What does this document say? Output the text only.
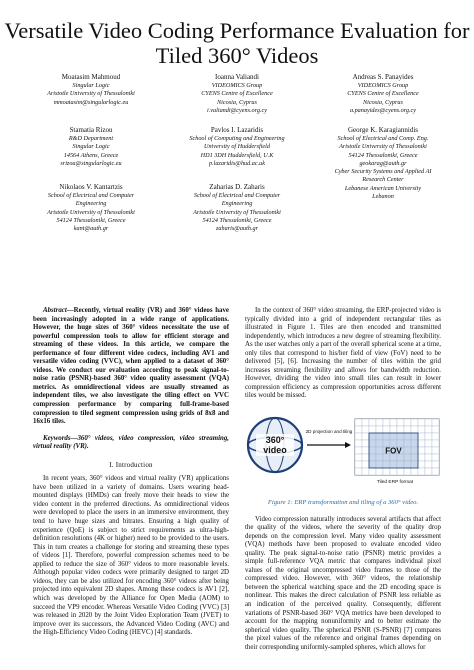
Versatile Video Coding Performance Evaluation for
Tiled 360° Videos
Moatasim Mahmoud
Singular Logic
Aristotle University of Thessaloniki
mmoatasim@singularlogic.eu
Ioanna Valiandi
VIDEOMICS Group
CYENS Centre of Excellence
Nicosia, Cyprus
i.valiandi@cyens.org.cy
Andreas S. Panayides
VIDEOMICS Group
CYENS Centre of Excellence
Nicosia, Cyprus
a.panayides@cyens.org.cy
Stamatia Rizou
R&D Department
Singular Logic
14564 Athens, Greece
srizou@singularlogic.eu
Pavlos I. Lazaridis
School of Computing and Engineering
University of Huddersfield
HD1 3DH Huddersfield, U.K
p.lazaridis@hud.ac.uk
George K. Karagiannidis
School of Electrical and Comp. Eng.
Aristotle University of Thessaloniki
54124 Thessaloniki, Greece
geokarag@auth.gr
Cyber Security Systems and Applied AI
Research Center
Lebanese American University
Lebanon
Nikolaos V. Kantartzis
School of Electrical and Computer
Engineering
Aristotle University of Thessaloniki
54124 Thessaloniki, Greece
kant@auth.gr
Zaharias D. Zaharis
School of Electrical and Computer
Engineering
Aristotle University of Thessaloniki
54124 Thessaloniki, Greece
zaharis@auth.gr

Abstract—Recently, virtual reality (VR) and 360° videos have been increasingly adopted in a wide range of applications. However, the huge sizes of 360° videos necessitate the use of powerful compression tools to allow for efficient storage and streaming of these videos. In this article, we compare the performance of four different video codecs, including AV1 and versatile video coding (VVC), when applied to a dataset of 360° videos. We conduct our evaluation according to peak signal-to-noise ratio (PSNR)-based 360° video quality assessment (VQA) metrics. As omnidirectional videos are usually streamed as independent tiles, we also investigate the tiling effect on VVC compression performance by comparing full-frame-based compression to tiled segment compression using grids of 8x8 and 16x16 tiles.

Keywords—360° videos, video compression, video streaming, virtual reality (VR).

I. Introduction

In recent years, 360° videos and virtual reality (VR) applications have been utilized in a variety of domains. Users wearing head-mounted displays (HMDs) can freely move their heads to view the video content in the preferred directions. As omnidirectional videos were developed to place the users in an immersive environment, they tend to have huge sizes and bitrates. Ensuring a high quality of experience (QoE) is subject to strict requirements as ultra-high-definition resolutions (4K or higher) need to be provided to the users. This in turn creates a challenge for storing and streaming these types of videos [1]. Therefore, powerful compression schemes need to be applied to reduce the size of 360° videos to more reasonable levels. Although popular video codecs were primarily designed to target 2D videos, they can be also utilized for encoding 360° videos after being projected into equivalent 2D shapes. Among these codecs is AV1 [2], which was developed by the Alliance for Open Media (AOM) to succeed the VP9 encoder. Whereas Versatile Video Coding (VVC) [3] was released in 2020 by the Joint Video Exploration Team (JVET) to improve over its successors, the Advanced Video Coding (AVC) and the High-Efficiency Video Coding (HEVC) [4] standards.

In the context of 360° video streaming, the ERP-projected video is typically divided into a grid of independent rectangular tiles as illustrated in Figure 1. Tiles are then encoded and transmitted independently, which introduces a new degree of streaming flexibility. As the user watches only a part of the overall spherical scene at a time, only tiles that correspond to his/her field of view (FoV) need to be delivered [5], [6]. Increasing the number of tiles within the grid increases streaming flexibility and allows for bandwidth reduction. However, dividing the video into small tiles can result in lower compression efficiency as compression opportunities across different tiles would be missed.

360°
video
2D projection and tiling
FOV
Tiled ERP format
Figure 1: ERP transformation and tiling of a 360° video.

Video compression naturally introduces several artifacts that affect the quality of the videos, where the severity of the quality drop depends on the compression level. Many video quality assessment (VQA) methods have been proposed to evaluate encoded video quality. The peak signal-to-noise ratio (PSNR) metric provides a simple full-reference VQA metric that compares individual pixel values of the original uncompressed video frames to those of the compressed video. However, with 360° videos, the relationship between the spherical watching space and the 2D encoding space is nonlinear. This makes the direct calculation of PSNR less reliable as an indication of the perceived quality. Consequently, different variations of PSNR-based 360° VQA metrics have been developed to account for the mapping nonuniformity and to better estimate the spherical video quality. The spherical PSNR (S-PSNR) [7] compares the pixel values of the reference and original frames depending on their corresponding uniformly-sampled spheres, which allows for
